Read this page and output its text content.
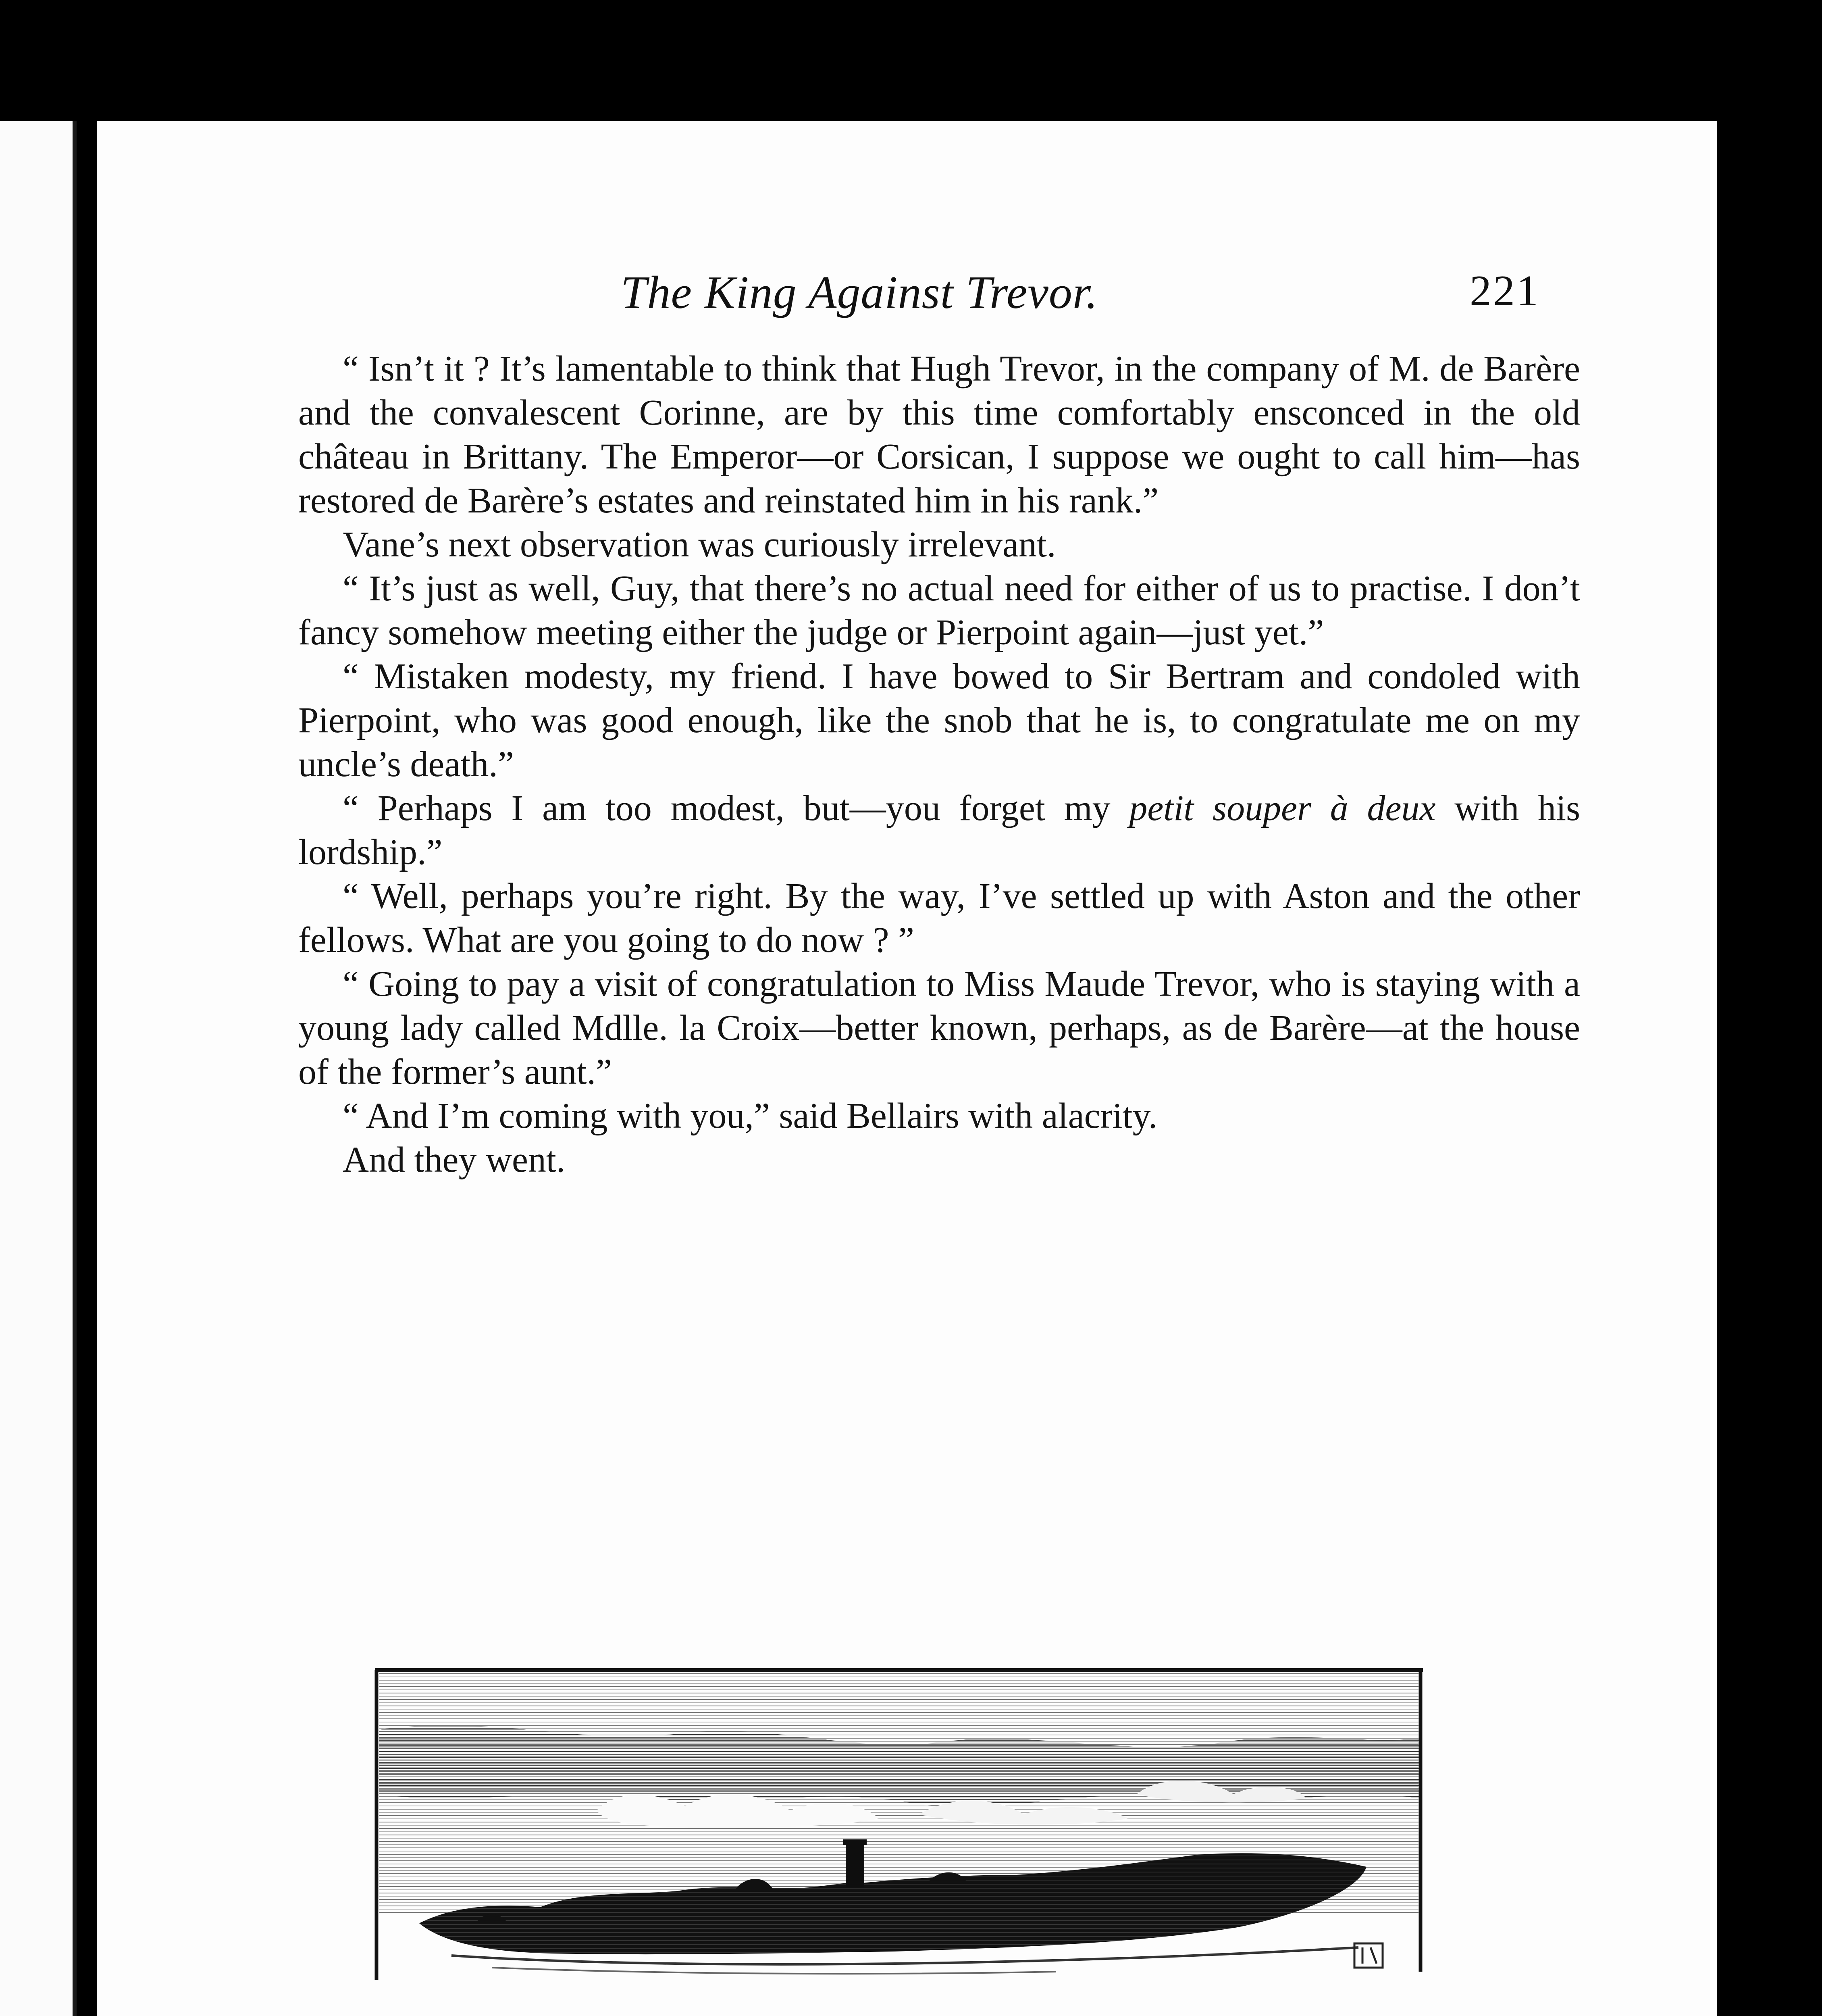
The King Against Trevor.	221

“ Isn’t it ? It’s lamentable to think that Hugh Trevor, in the company of M. de Barère and the convalescent Corinne, are by this time comfortably ensconced in the old château in Brittany. The Emperor—or Corsican, I suppose we ought to call him—has restored de Barère’s estates and reinstated him in his rank.”

Vane’s next observation was curiously irrelevant.

“ It’s just as well, Guy, that there’s no actual need for either of us to practise. I don’t fancy somehow meeting either the judge or Pierpoint again—just yet.”

“ Mistaken modesty, my friend. I have bowed to Sir Bertram and condoled with Pierpoint, who was good enough, like the snob that he is, to congratulate me on my uncle’s death.”

“ Perhaps I am too modest, but—you forget my petit souper à deux with his lordship.”

“ Well, perhaps you’re right. By the way, I’ve settled up with Aston and the other fellows. What are you going to do now ? ”

“ Going to pay a visit of congratulation to Miss Maude Trevor, who is staying with a young lady called Mdlle. la Croix—better known, perhaps, as de Barère—at the house of the former’s aunt.”

“ And I’m coming with you,” said Bellairs with alacrity.

And they went.
